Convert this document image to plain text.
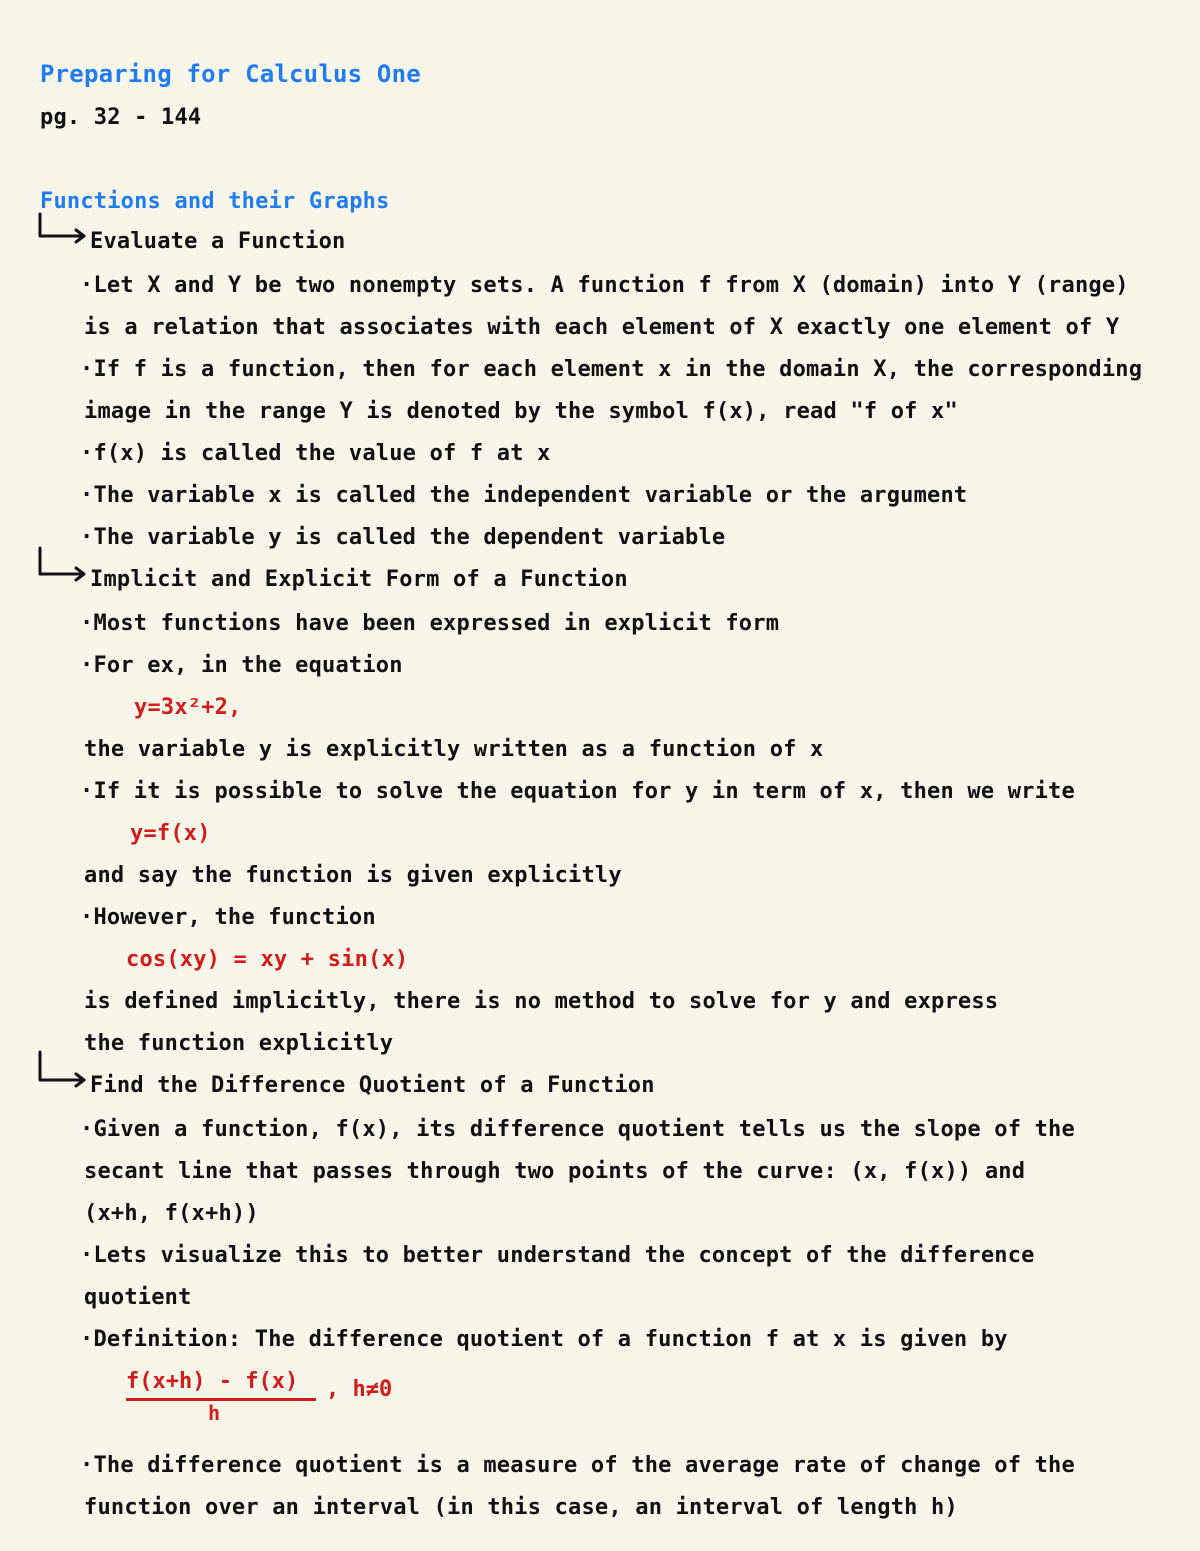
Preparing for Calculus One
pg. 32 - 144
Functions and their Graphs
Evaluate a Function
·Let X and Y be two nonempty sets. A function f from X (domain) into Y (range)
is a relation that associates with each element of X exactly one element of Y
·If f is a function, then for each element x in the domain X, the corresponding
image in the range Y is denoted by the symbol f(x), read "f of x"
·f(x) is called the value of f at x
·The variable x is called the independent variable or the argument
·The variable y is called the dependent variable
Implicit and Explicit Form of a Function
·Most functions have been expressed in explicit form
·For ex, in the equation
y=3x²+2,
the variable y is explicitly written as a function of x
·If it is possible to solve the equation for y in term of x, then we write
y=f(x)
and say the function is given explicitly
·However, the function
cos(xy) = xy + sin(x)
is defined implicitly, there is no method to solve for y and express
the function explicitly
Find the Difference Quotient of a Function
·Given a function, f(x), its difference quotient tells us the slope of the
secant line that passes through two points of the curve: (x, f(x)) and
(x+h, f(x+h))
·Lets visualize this to better understand the concept of the difference
quotient
·Definition: The difference quotient of a function f at x is given by
f(x+h) - f(x)
h
, h≠0
·The difference quotient is a measure of the average rate of change of the
function over an interval (in this case, an interval of length h)
